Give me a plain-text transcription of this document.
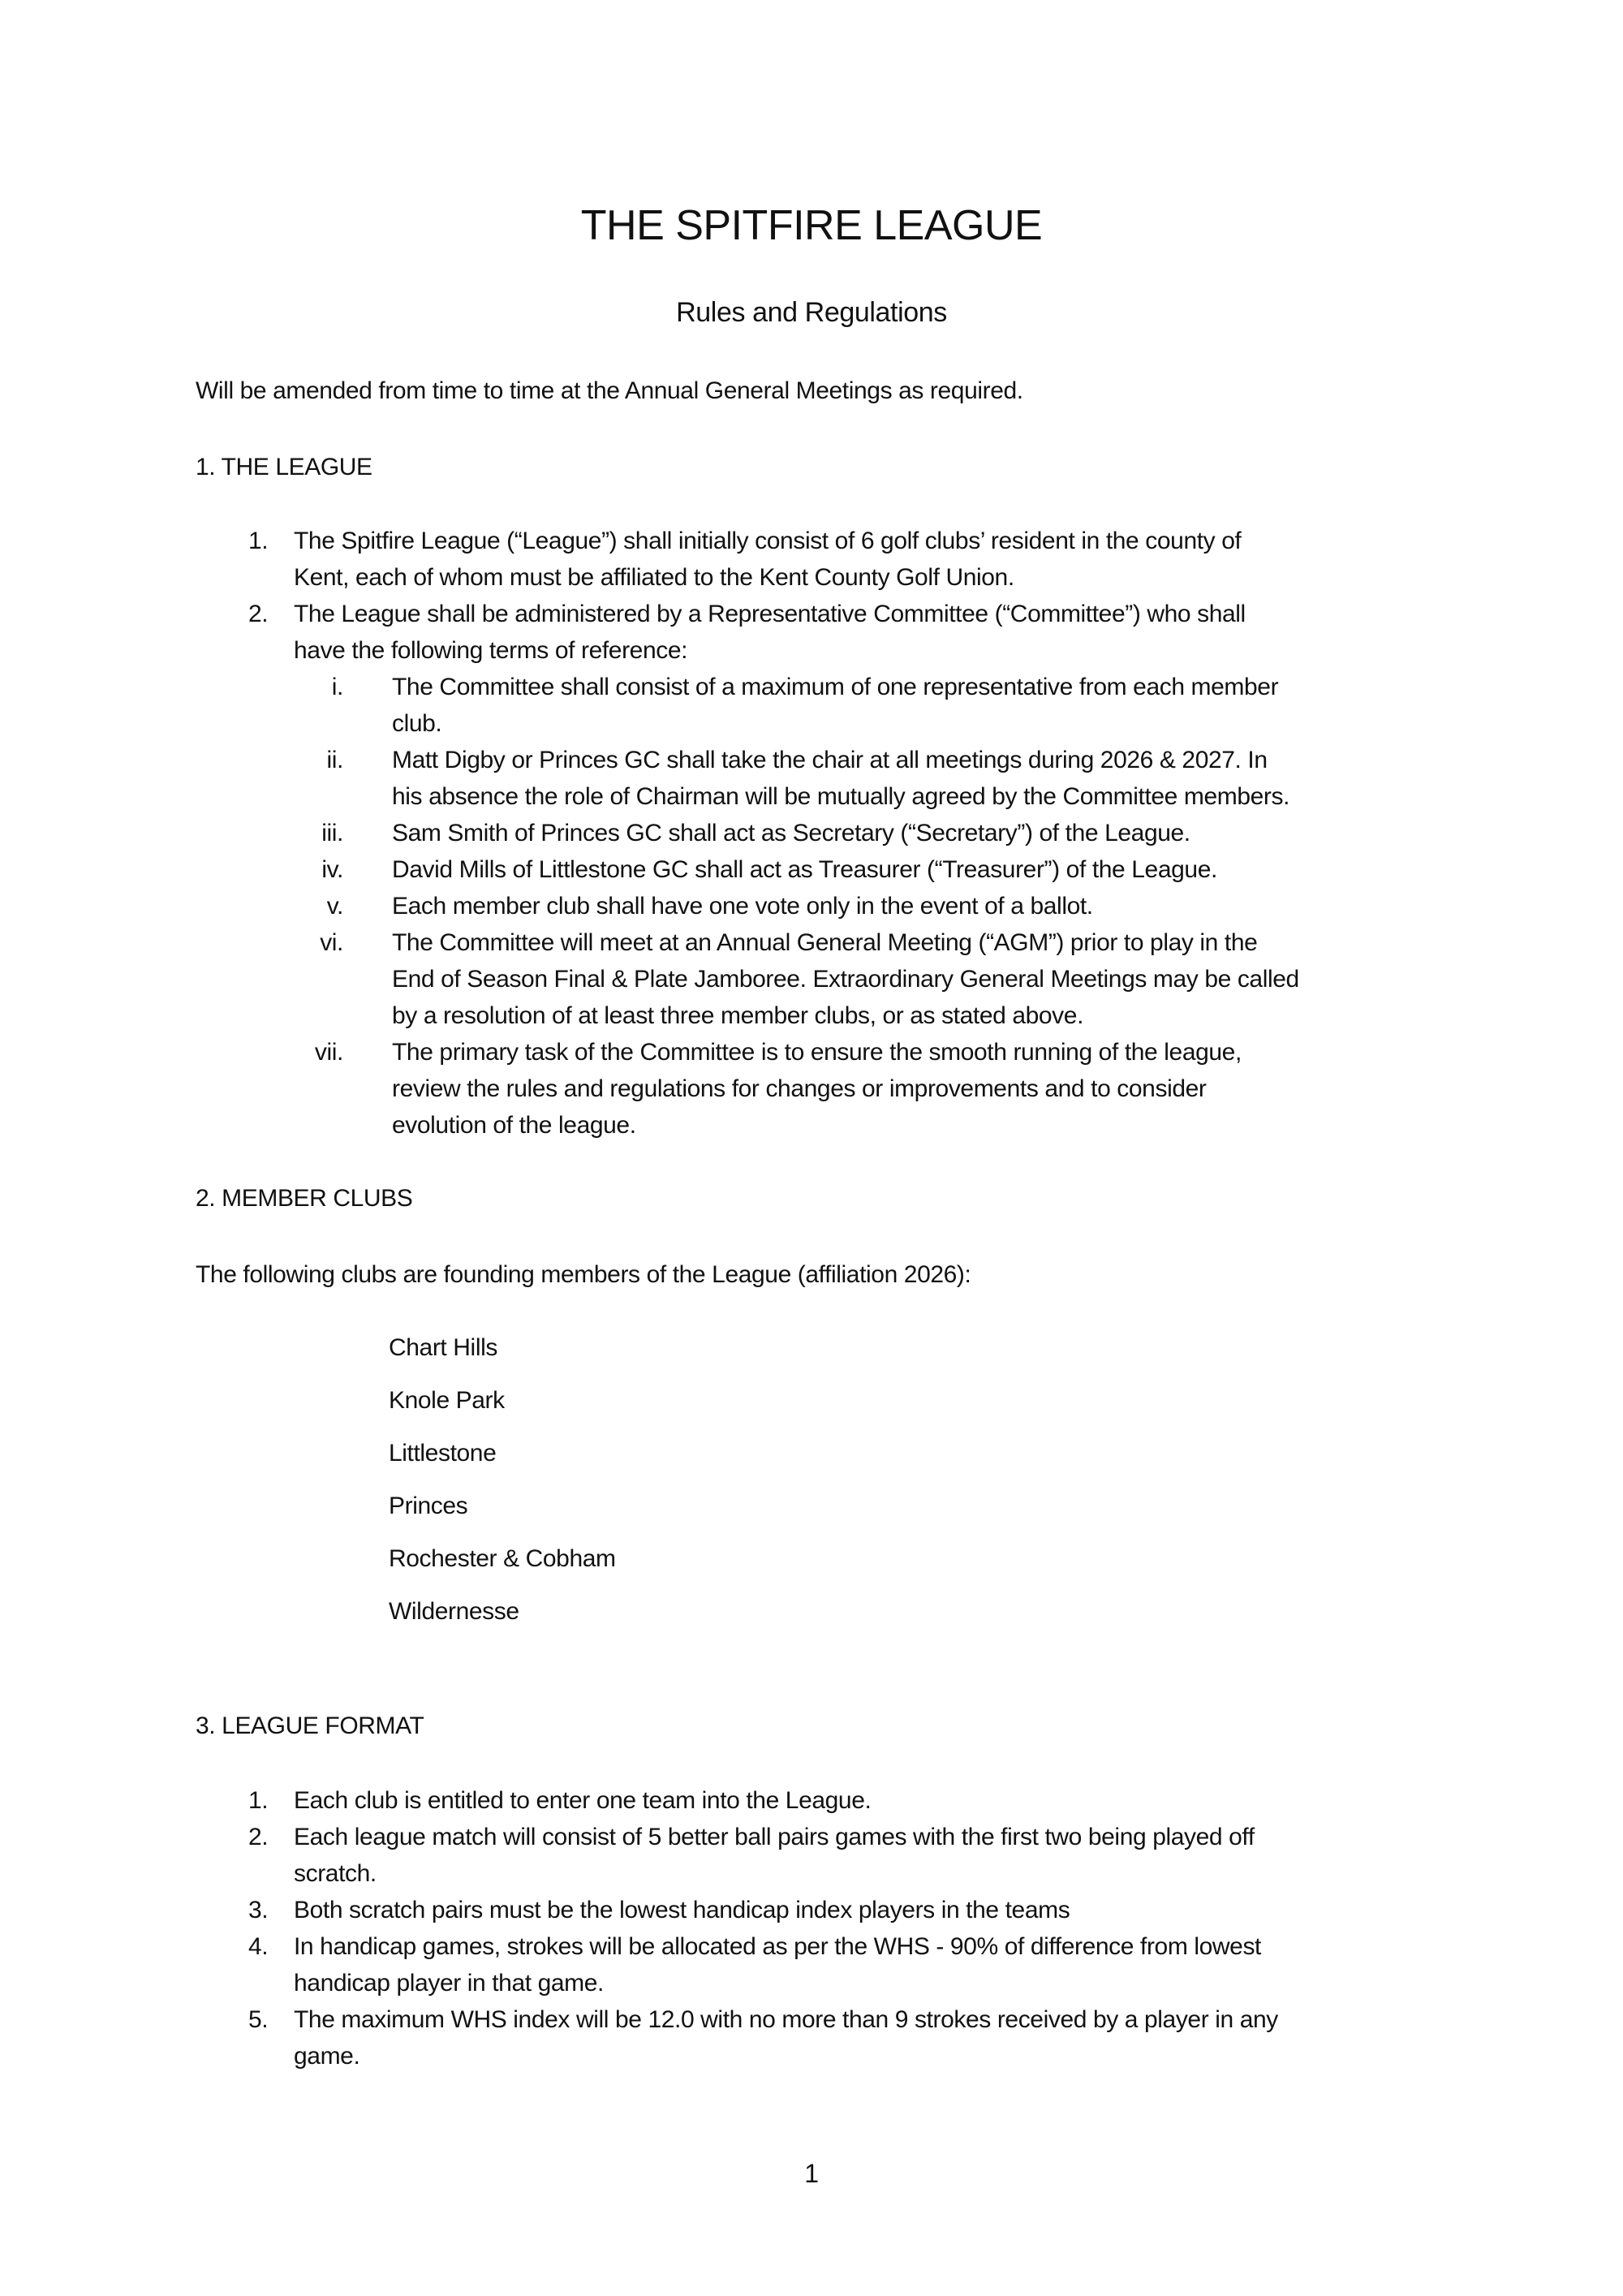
THE SPITFIRE LEAGUE
Rules and Regulations
Will be amended from time to time at the Annual General Meetings as required.
1. THE LEAGUE
1. The Spitfire League (“League”) shall initially consist of 6 golf clubs’ resident in the county of
Kent, each of whom must be affiliated to the Kent County Golf Union.
2. The League shall be administered by a Representative Committee (“Committee”) who shall
have the following terms of reference:
i. The Committee shall consist of a maximum of one representative from each member
club.
ii. Matt Digby or Princes GC shall take the chair at all meetings during 2026 & 2027. In
his absence the role of Chairman will be mutually agreed by the Committee members.
iii. Sam Smith of Princes GC shall act as Secretary (“Secretary”) of the League.
iv. David Mills of Littlestone GC shall act as Treasurer (“Treasurer”) of the League.
v. Each member club shall have one vote only in the event of a ballot.
vi. The Committee will meet at an Annual General Meeting (“AGM”) prior to play in the
End of Season Final & Plate Jamboree. Extraordinary General Meetings may be called
by a resolution of at least three member clubs, or as stated above.
vii. The primary task of the Committee is to ensure the smooth running of the league,
review the rules and regulations for changes or improvements and to consider
evolution of the league.
2. MEMBER CLUBS
The following clubs are founding members of the League (affiliation 2026):
Chart Hills
Knole Park
Littlestone
Princes
Rochester & Cobham
Wildernesse
3. LEAGUE FORMAT
1. Each club is entitled to enter one team into the League.
2. Each league match will consist of 5 better ball pairs games with the first two being played off
scratch.
3. Both scratch pairs must be the lowest handicap index players in the teams
4. In handicap games, strokes will be allocated as per the WHS - 90% of difference from lowest
handicap player in that game.
5. The maximum WHS index will be 12.0 with no more than 9 strokes received by a player in any
game.
1
